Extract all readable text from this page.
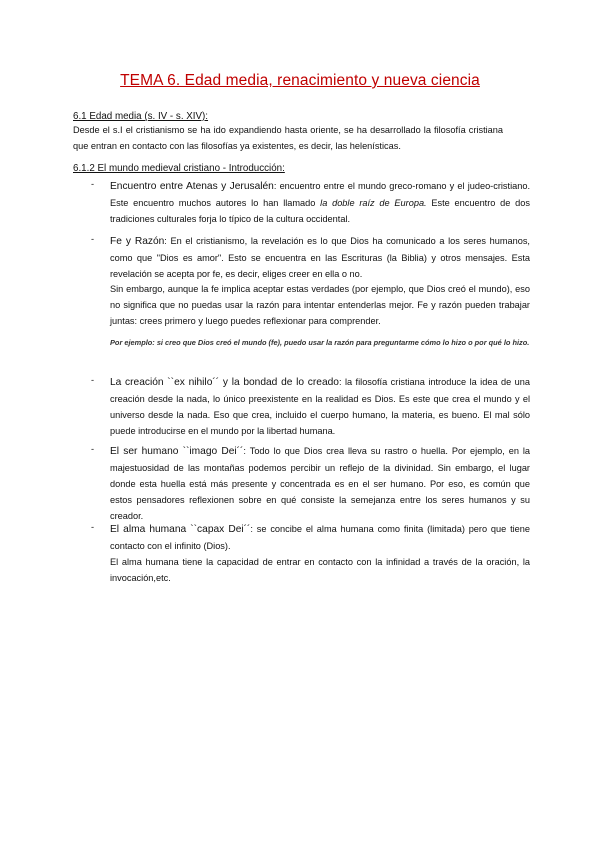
TEMA 6. Edad media, renacimiento y nueva ciencia
6.1 Edad media (s. IV - s. XIV):
Desde el s.I el cristianismo se ha ido expandiendo hasta oriente, se ha desarrollado la filosofía cristiana que entran en contacto con las filosofías ya existentes, es decir, las helenísticas.
6.1.2 El mundo medieval cristiano - Introducción:
- Encuentro entre Atenas y Jerusalén: encuentro entre el mundo greco-romano y el judeo-cristiano. Este encuentro muchos autores lo han llamado la doble raíz de Europa. Este encuentro de dos tradiciones culturales forja lo típico de la cultura occidental.

- Fe y Razón: En el cristianismo, la revelación es lo que Dios ha comunicado a los seres humanos, como que "Dios es amor". Esto se encuentra en las Escrituras (la Biblia) y otros mensajes. Esta revelación se acepta por fe, es decir, eliges creer en ella o no.

Sin embargo, aunque la fe implica aceptar estas verdades (por ejemplo, que Dios creó el mundo), eso no significa que no puedas usar la razón para intentar entenderlas mejor. Fe y razón pueden trabajar juntas: crees primero y luego puedes reflexionar para comprender.
Por ejemplo: si creo que Dios creó el mundo (fe), puedo usar la razón para preguntarme cómo lo hizo o por qué lo hizo.
- La creación ``ex nihilo´´ y la bondad de lo creado: la filosofía cristiana introduce la idea de una creación desde la nada, lo único preexistente en la realidad es Dios. Es este que crea el mundo y el universo desde la nada. Eso que crea, incluido el cuerpo humano, la materia, es bueno. El mal sólo puede introducirse en el mundo por la libertad humana.

- El ser humano ``imago Dei´´: Todo lo que Dios crea lleva su rastro o huella. Por ejemplo, en la majestuosidad de las montañas podemos percibir un reflejo de la divinidad. Sin embargo, el lugar donde esta huella está más presente y concentrada es en el ser humano. Por eso, es común que estos pensadores reflexionen sobre en qué consiste la semejanza entre los seres humanos y su creador.

- El alma humana ``capax Dei´´: se concibe el alma humana como finita (limitada) pero que tiene contacto con el infinito (Dios).

El alma humana tiene la capacidad de entrar en contacto con la infinidad a través de la oración, la invocación,etc.
